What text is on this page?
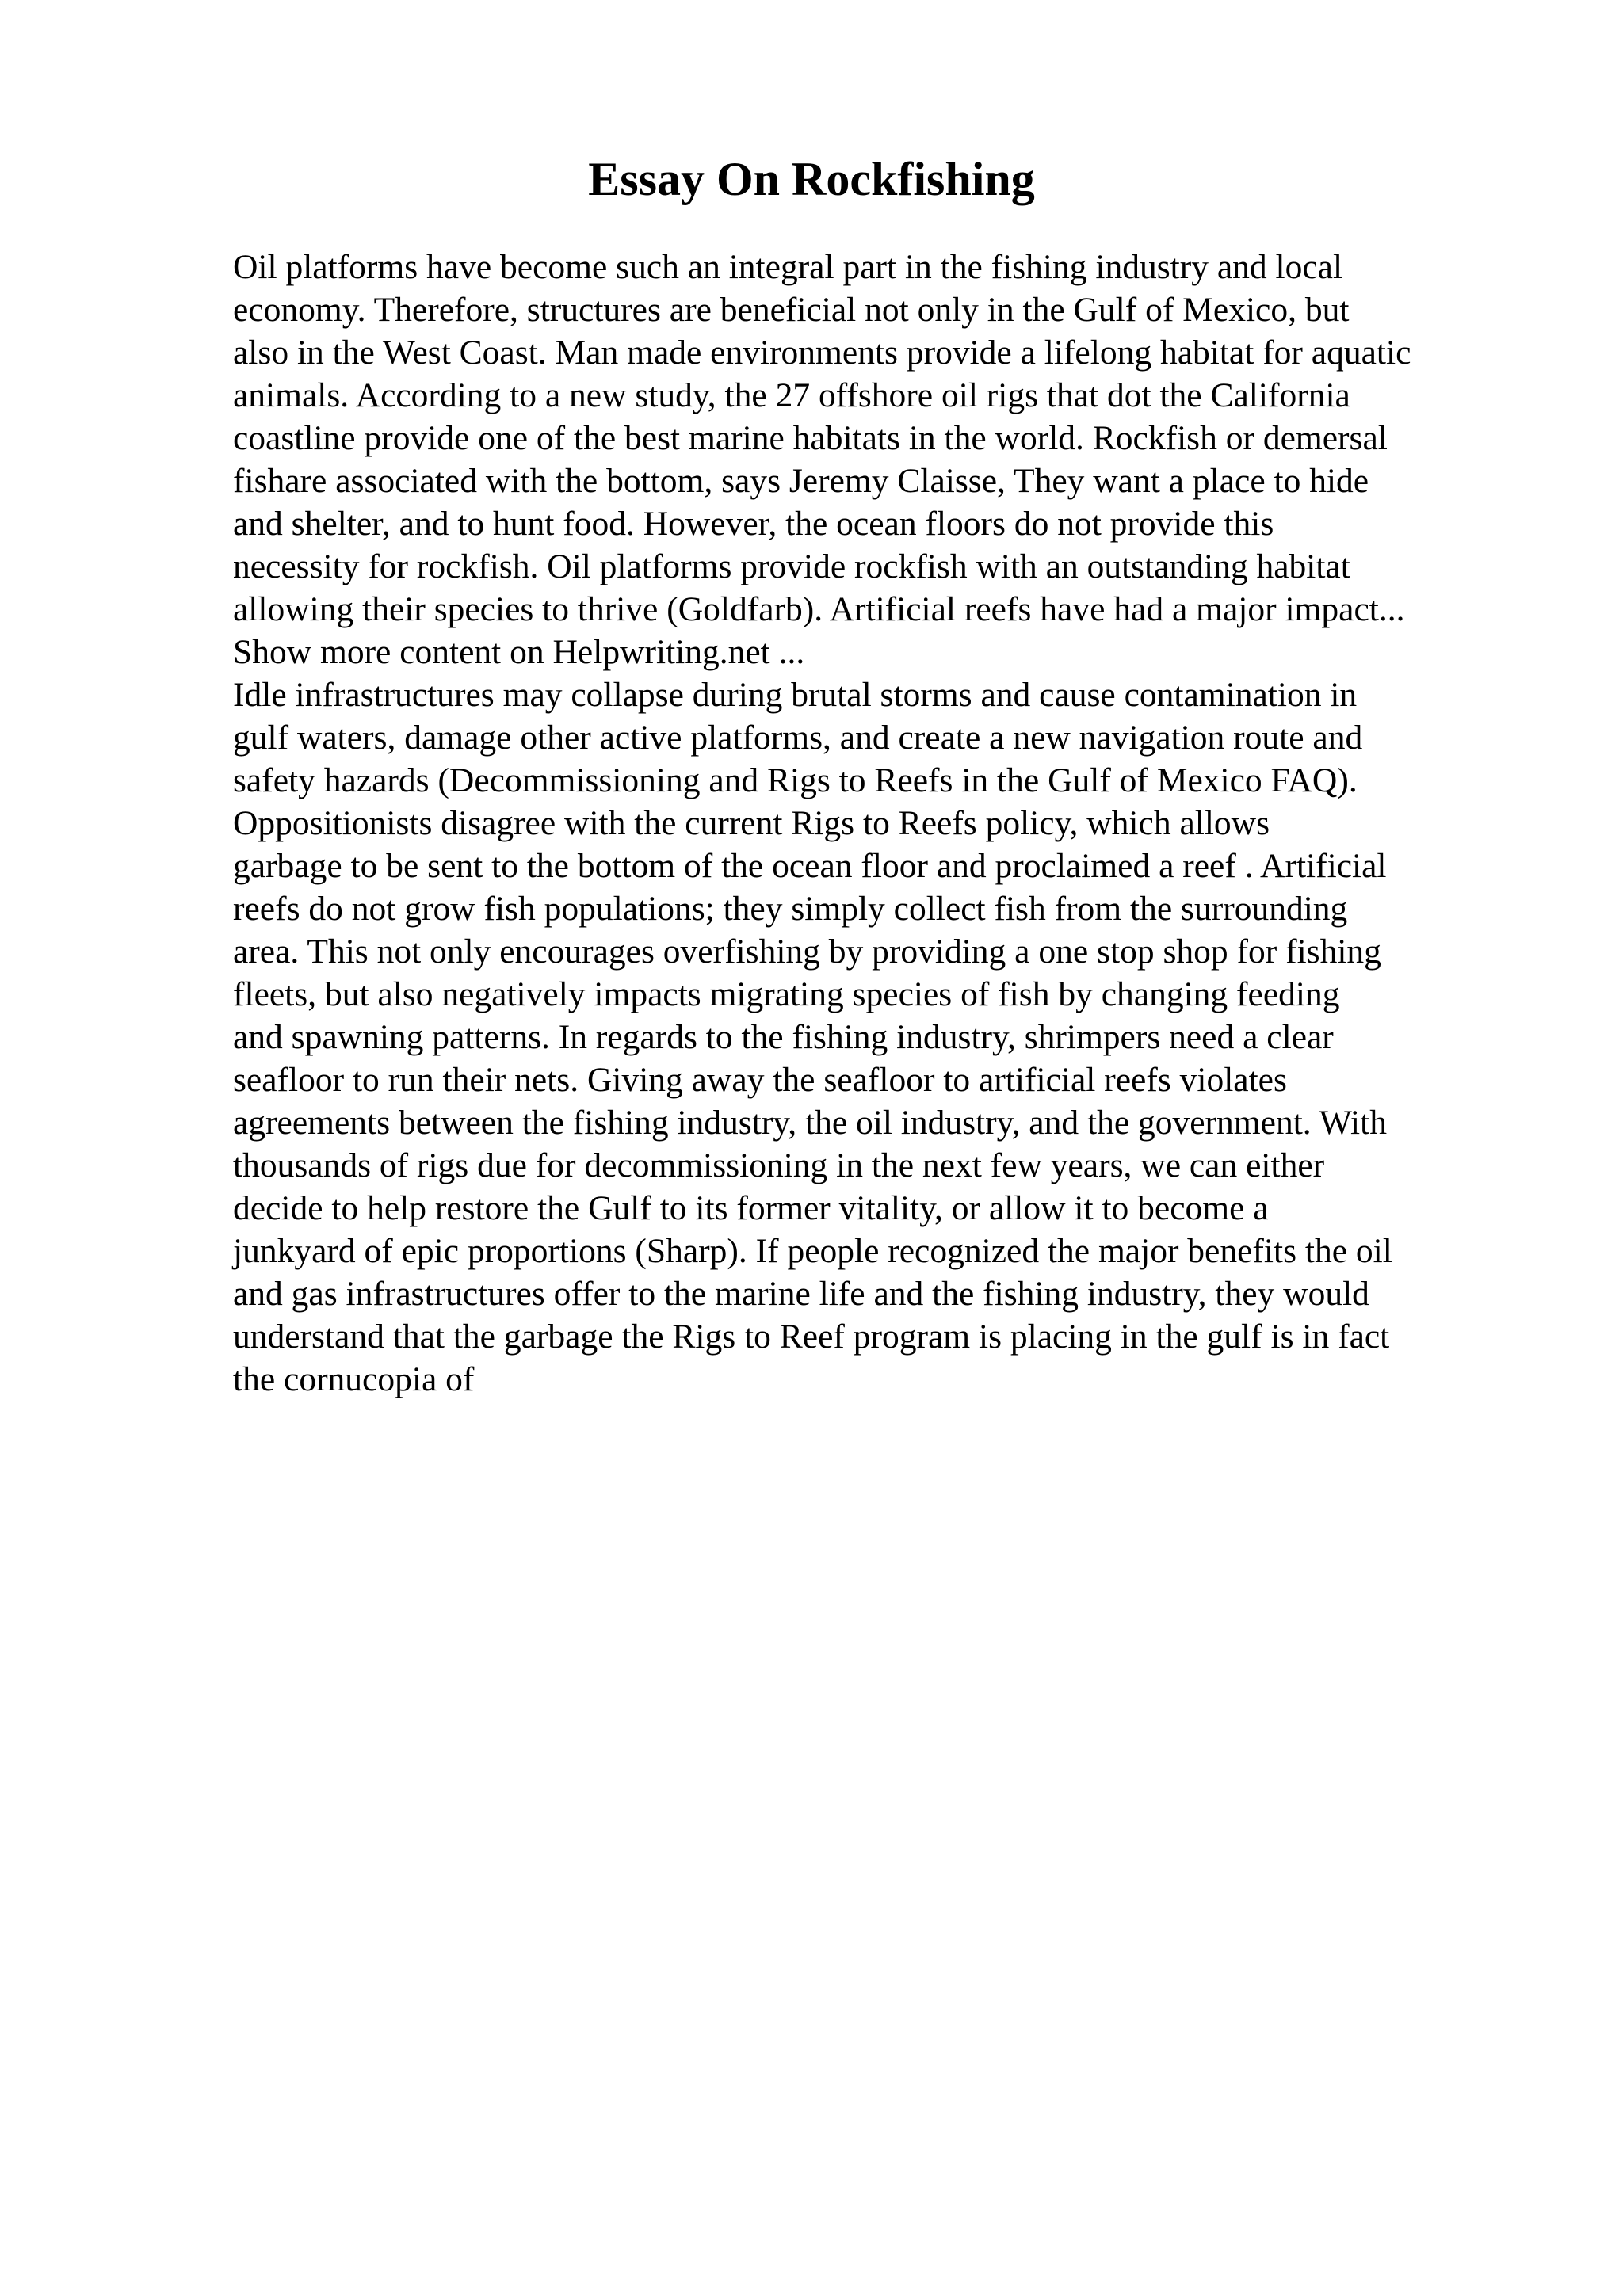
Essay On Rockfishing
Oil platforms have become such an integral part in the fishing industry and local
economy. Therefore, structures are beneficial not only in the Gulf of Mexico, but
also in the West Coast. Man made environments provide a lifelong habitat for aquatic
animals. According to a new study, the 27 offshore oil rigs that dot the California
coastline provide one of the best marine habitats in the world. Rockfish or demersal
fishare associated with the bottom, says Jeremy Claisse, They want a place to hide
and shelter, and to hunt food. However, the ocean floors do not provide this
necessity for rockfish. Oil platforms provide rockfish with an outstanding habitat
allowing their species to thrive (Goldfarb). Artificial reefs have had a major impact...
Show more content on Helpwriting.net ...
Idle infrastructures may collapse during brutal storms and cause contamination in
gulf waters, damage other active platforms, and create a new navigation route and
safety hazards (Decommissioning and Rigs to Reefs in the Gulf of Mexico FAQ).
Oppositionists disagree with the current Rigs to Reefs policy, which allows
garbage to be sent to the bottom of the ocean floor and proclaimed a reef . Artificial
reefs do not grow fish populations; they simply collect fish from the surrounding
area. This not only encourages overfishing by providing a one stop shop for fishing
fleets, but also negatively impacts migrating species of fish by changing feeding
and spawning patterns. In regards to the fishing industry, shrimpers need a clear
seafloor to run their nets. Giving away the seafloor to artificial reefs violates
agreements between the fishing industry, the oil industry, and the government. With
thousands of rigs due for decommissioning in the next few years, we can either
decide to help restore the Gulf to its former vitality, or allow it to become a
junkyard of epic proportions (Sharp). If people recognized the major benefits the oil
and gas infrastructures offer to the marine life and the fishing industry, they would
understand that the garbage the Rigs to Reef program is placing in the gulf is in fact
the cornucopia of
